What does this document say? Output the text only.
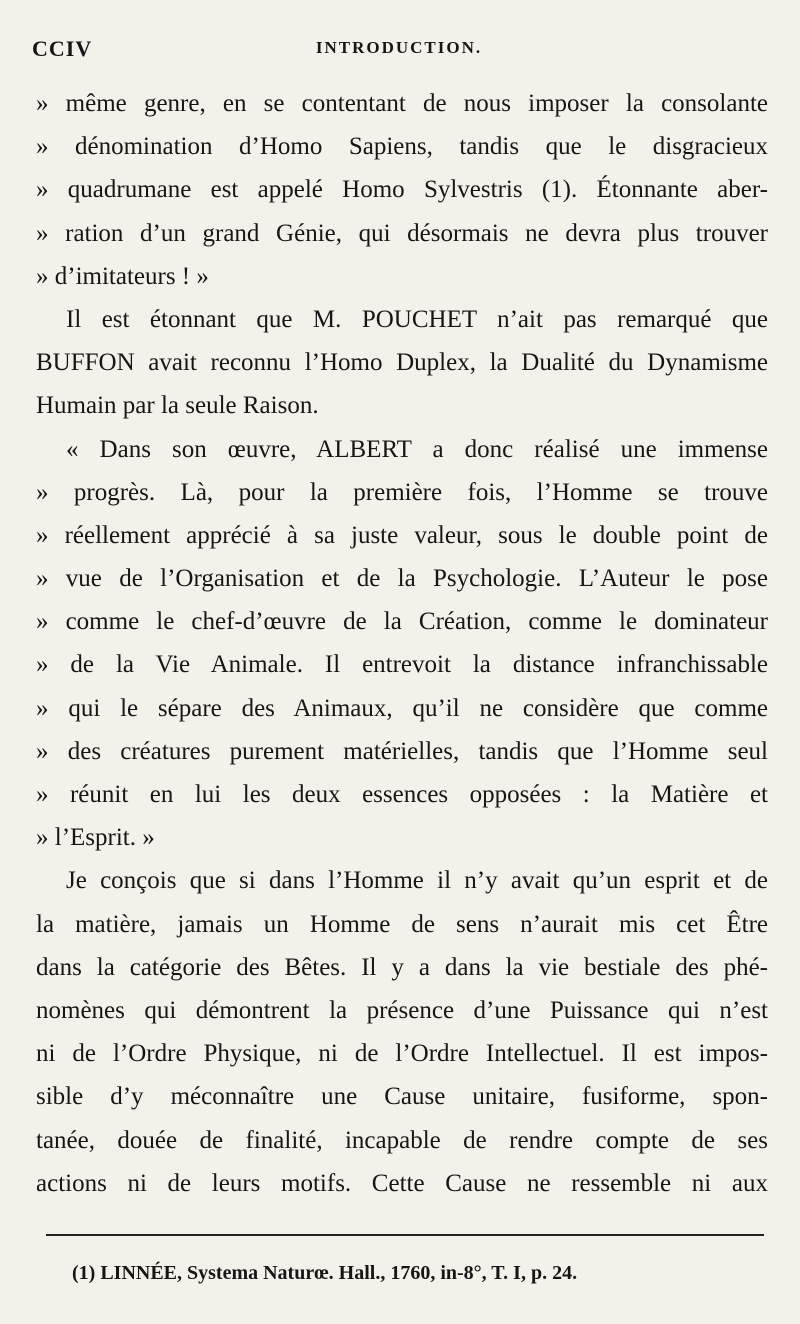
CCIV	INTRODUCTION.
» même genre, en se contentant de nous imposer la consolante
» dénomination d’Homo Sapiens, tandis que le disgracieux
» quadrumane est appelé Homo Sylvestris (1). Étonnante aber-
» ration d’un grand Génie, qui désormais ne devra plus trouver
» d’imitateurs ! »
Il est étonnant que M. POUCHET n’ait pas remarqué que
BUFFON avait reconnu l’Homo Duplex, la Dualité du Dynamisme
Humain par la seule Raison.
« Dans son œuvre, ALBERT a donc réalisé une immense
» progrès. Là, pour la première fois, l’Homme se trouve
» réellement apprécié à sa juste valeur, sous le double point de
» vue de l’Organisation et de la Psychologie. L’Auteur le pose
» comme le chef-d’œuvre de la Création, comme le dominateur
» de la Vie Animale. Il entrevoit la distance infranchissable
» qui le sépare des Animaux, qu’il ne considère que comme
» des créatures purement matérielles, tandis que l’Homme seul
» réunit en lui les deux essences opposées : la Matière et
» l’Esprit. »
Je conçois que si dans l’Homme il n’y avait qu’un esprit et de
la matière, jamais un Homme de sens n’aurait mis cet Être
dans la catégorie des Bêtes. Il y a dans la vie bestiale des phé-
nomènes qui démontrent la présence d’une Puissance qui n’est
ni de l’Ordre Physique, ni de l’Ordre Intellectuel. Il est impos-
sible d’y méconnaître une Cause unitaire, fusiforme, spon-
tanée, douée de finalité, incapable de rendre compte de ses
actions ni de leurs motifs. Cette Cause ne ressemble ni aux
(1) LINNÉE, Systema Naturœ. Hall., 1760, in-8°, T. I, p. 24.
